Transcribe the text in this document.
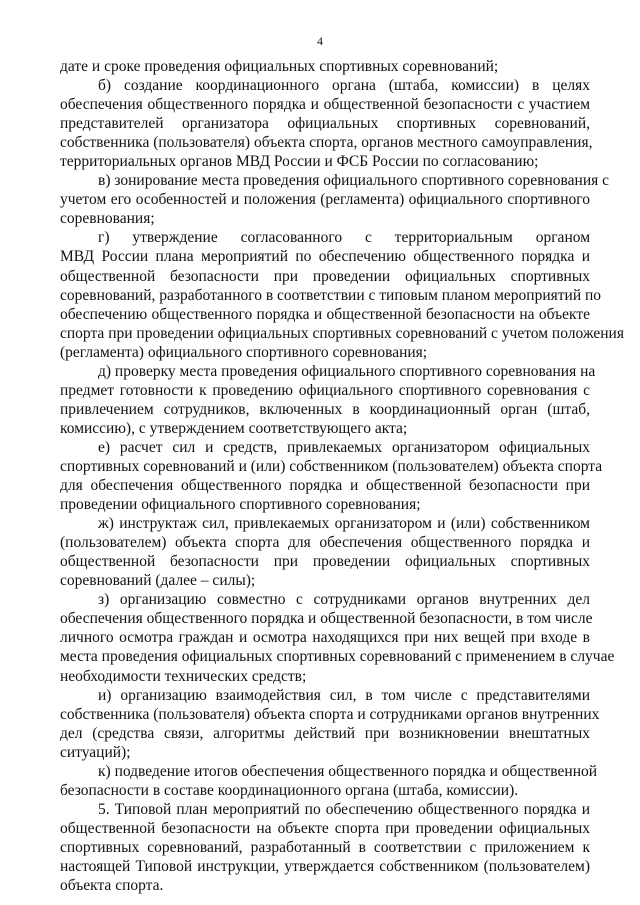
4
дате и сроке проведения официальных спортивных соревнований;
б) создание координационного органа (штаба, комиссии) в целях
обеспечения общественного порядка и общественной безопасности с участием
представителей организатора официальных спортивных соревнований,
собственника (пользователя) объекта спорта, органов местного самоуправления,
территориальных органов МВД России и ФСБ России по согласованию;
в) зонирование места проведения официального спортивного соревнования с
учетом его особенностей и положения (регламента) официального спортивного
соревнования;
г) утверждение согласованного с территориальным органом
МВД России плана мероприятий по обеспечению общественного порядка и
общественной безопасности при проведении официальных спортивных
соревнований, разработанного в соответствии с типовым планом мероприятий по
обеспечению общественного порядка и общественной безопасности на объекте
спорта при проведении официальных спортивных соревнований с учетом положения
(регламента) официального спортивного соревнования;
д) проверку места проведения официального спортивного соревнования на
предмет готовности к проведению официального спортивного соревнования с
привлечением сотрудников, включенных в координационный орган (штаб,
комиссию), с утверждением соответствующего акта;
е) расчет сил и средств, привлекаемых организатором официальных
спортивных соревнований и (или) собственником (пользователем) объекта спорта
для обеспечения общественного порядка и общественной безопасности при
проведении официального спортивного соревнования;
ж) инструктаж сил, привлекаемых организатором и (или) собственником
(пользователем) объекта спорта для обеспечения общественного порядка и
общественной безопасности при проведении официальных спортивных
соревнований (далее – силы);
з) организацию совместно с сотрудниками органов внутренних дел
обеспечения общественного порядка и общественной безопасности, в том числе
личного осмотра граждан и осмотра находящихся при них вещей при входе в
места проведения официальных спортивных соревнований с применением в случае
необходимости технических средств;
и) организацию взаимодействия сил, в том числе с представителями
собственника (пользователя) объекта спорта и сотрудниками органов внутренних
дел (средства связи, алгоритмы действий при возникновении внештатных
ситуаций);
к) подведение итогов обеспечения общественного порядка и общественной
безопасности в составе координационного органа (штаба, комиссии).
5. Типовой план мероприятий по обеспечению общественного порядка и
общественной безопасности на объекте спорта при проведении официальных
спортивных соревнований, разработанный в соответствии с приложением к
настоящей Типовой инструкции, утверждается собственником (пользователем)
объекта спорта.
